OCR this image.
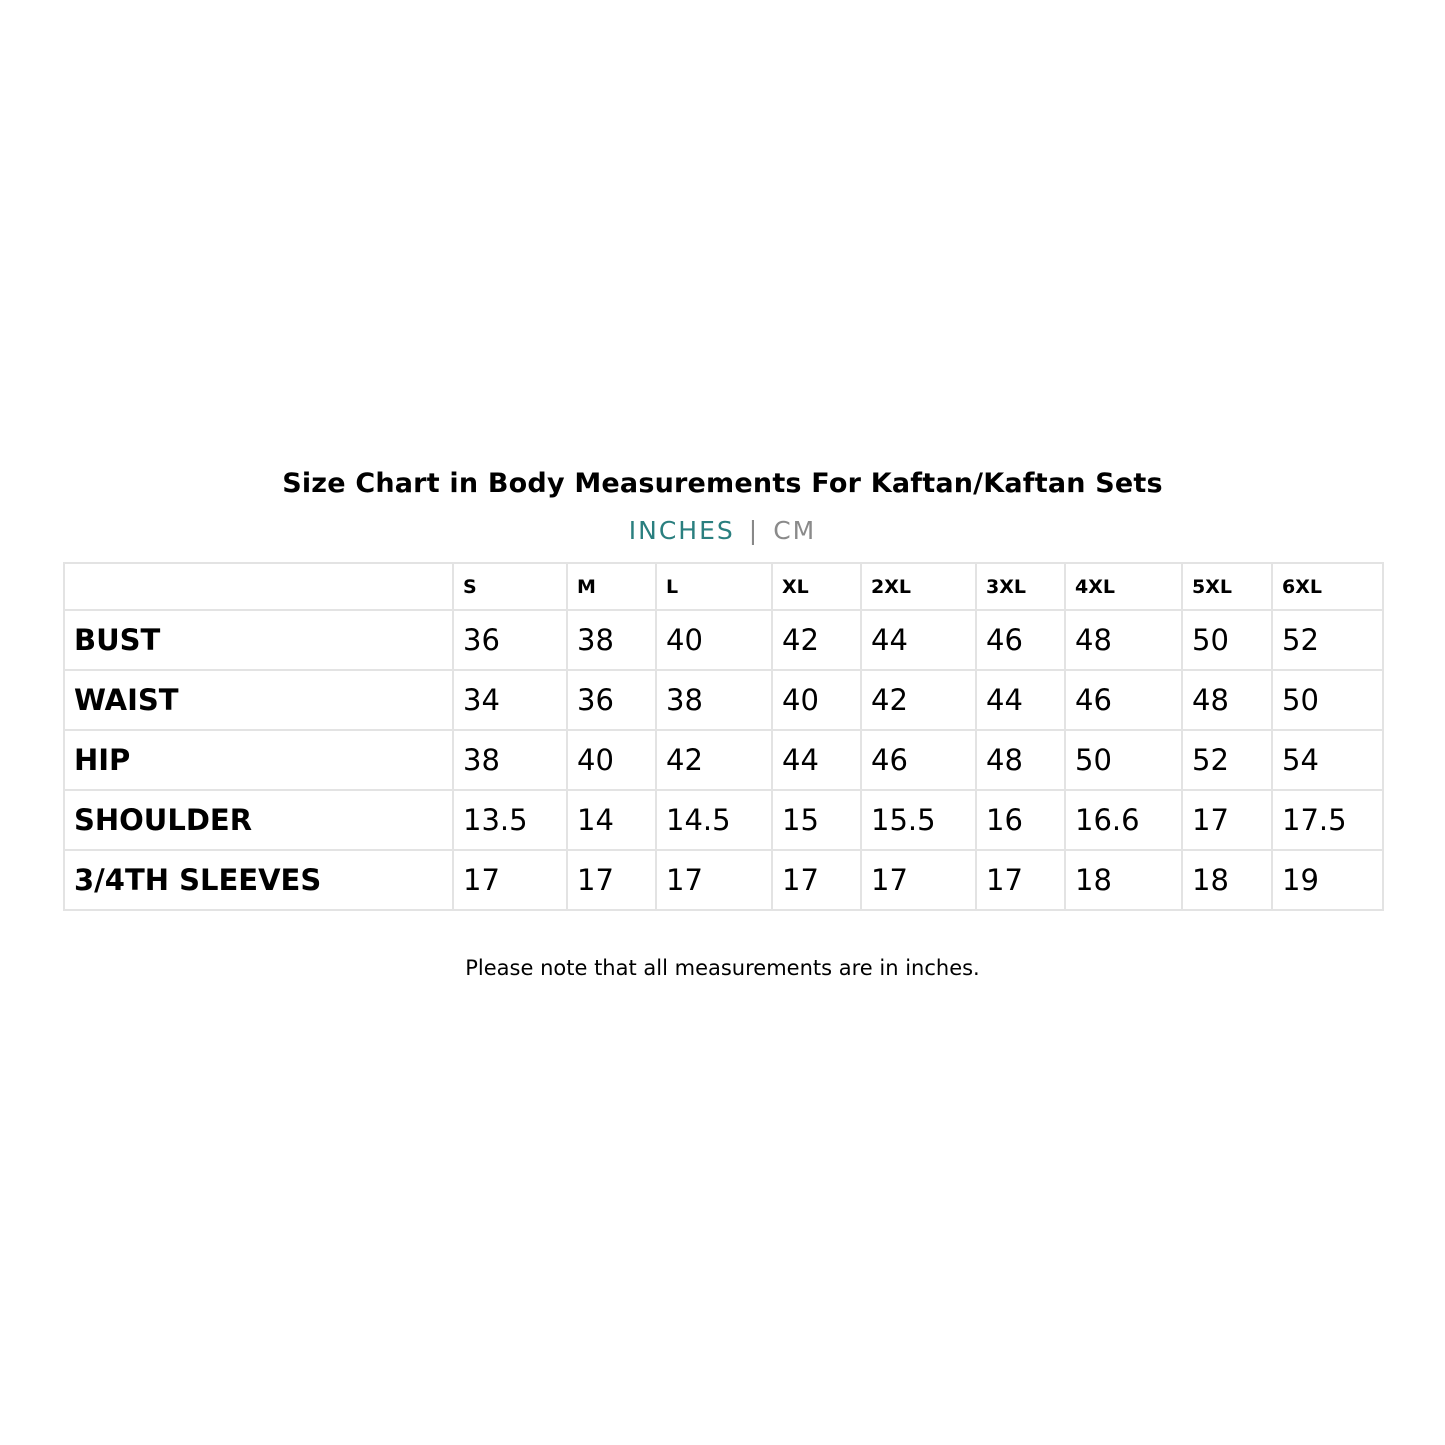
Size Chart in Body Measurements For Kaftan/Kaftan Sets
INCHES | CM
	S	M	L	XL	2XL	3XL	4XL	5XL	6XL
BUST	36	38	40	42	44	46	48	50	52
WAIST	34	36	38	40	42	44	46	48	50
HIP	38	40	42	44	46	48	50	52	54
SHOULDER	13.5	14	14.5	15	15.5	16	16.6	17	17.5
3/4TH SLEEVES	17	17	17	17	17	17	18	18	19
Please note that all measurements are in inches.
